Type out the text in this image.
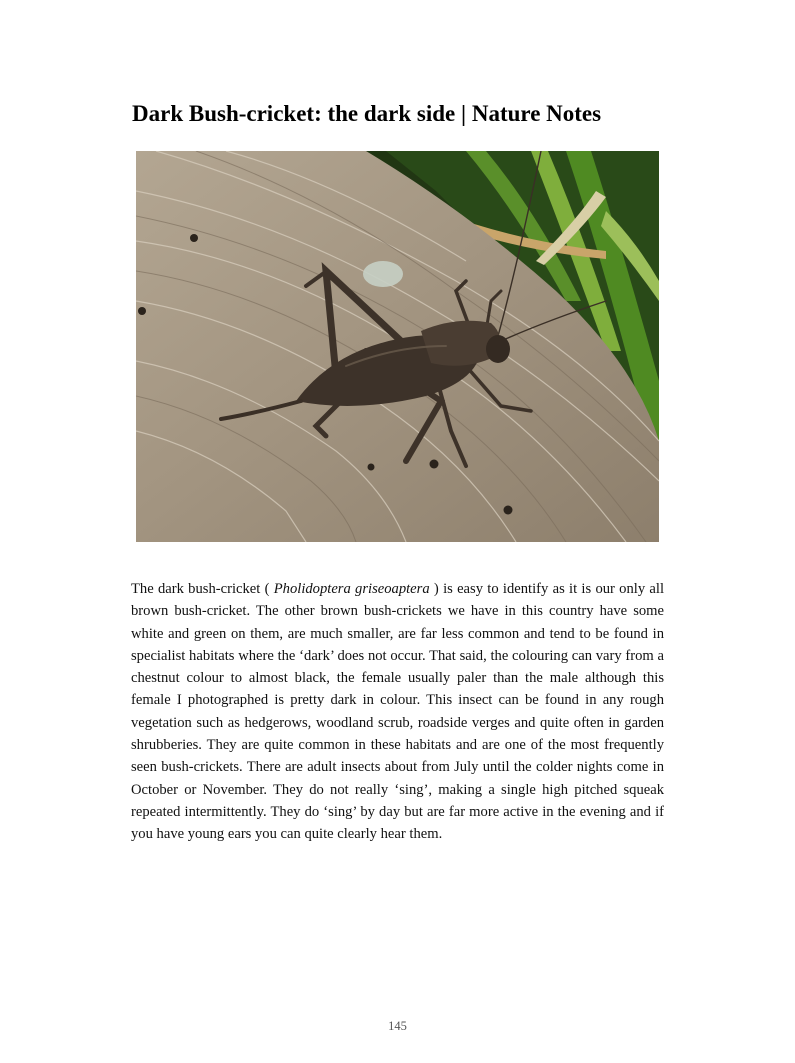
Dark Bush-cricket: the dark side | Nature Notes

The dark bush-cricket ( Pholidoptera griseoaptera ) is easy to identify as it is our only all brown bush-cricket. The other brown bush-crickets we have in this country have some white and green on them, are much smaller, are far less common and tend to be found in specialist habitats where the ‘dark’ does not occur. That said, the colouring can vary from a chestnut colour to almost black, the female usually paler than the male although this female I photographed is pretty dark in colour. This insect can be found in any rough vegetation such as hedgerows, woodland scrub, roadside verges and quite often in garden shrubberies. They are quite common in these habitats and are one of the most frequently seen bush-crickets. There are adult insects about from July until the colder nights come in October or November. They do not really ‘sing’, making a single high pitched squeak repeated intermittently. They do ‘sing’ by day but are far more active in the evening and if you have young ears you can quite clearly hear them.

145
